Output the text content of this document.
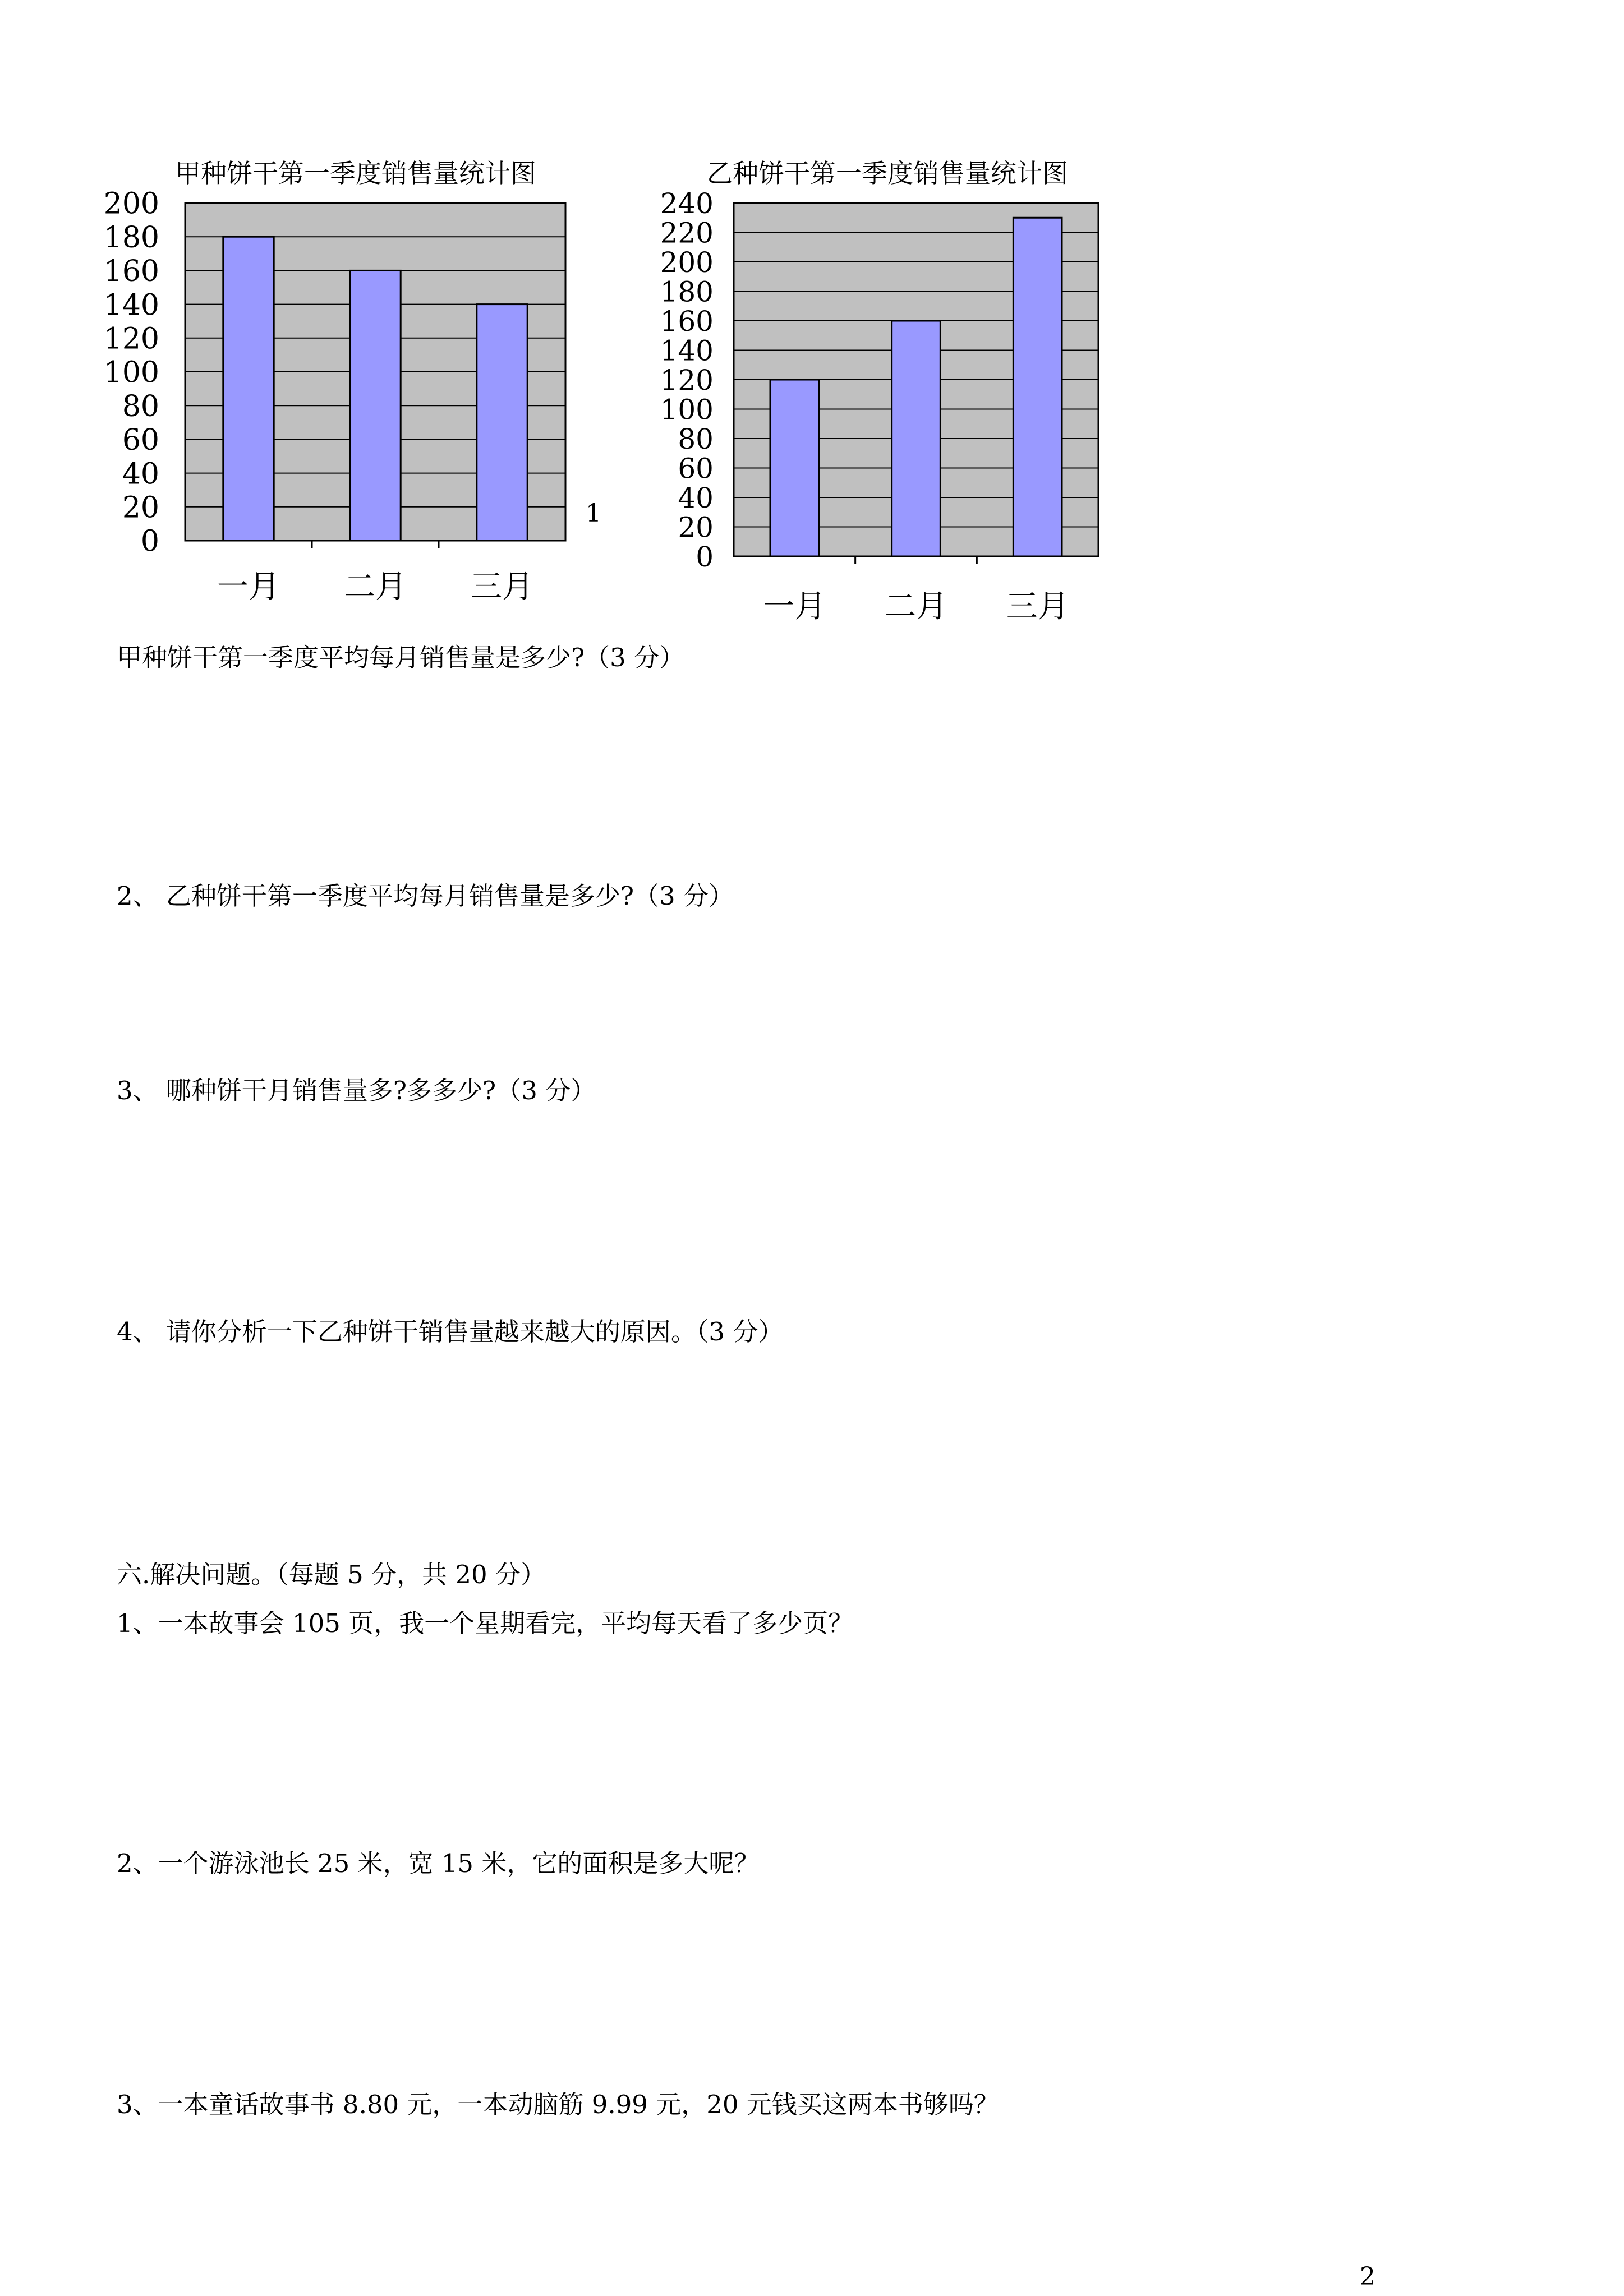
甲种饼干第一季度销售量统计图
200
180
160
140
120
100
80
60
40
20
0
一月 二月 三月
乙种饼干第一季度销售量统计图
240
220
200
180
160
140
120
100
80
60
40
20
0
一月 二月 三月
1
甲种饼干第一季度平均每月销售量是多少?（3 分）
2、 乙种饼干第一季度平均每月销售量是多少?（3 分）
3、 哪种饼干月销售量多?多多少?（3 分）
4、 请你分析一下乙种饼干销售量越来越大的原因。（3 分）
六.解决问题。（每题 5 分，共 20 分）
1、一本故事会 105 页，我一个星期看完，平均每天看了多少页？
2、一个游泳池长 25 米，宽 15 米，它的面积是多大呢？
3、一本童话故事书 8.80 元，一本动脑筋 9.99 元，20 元钱买这两本书够吗？
2
